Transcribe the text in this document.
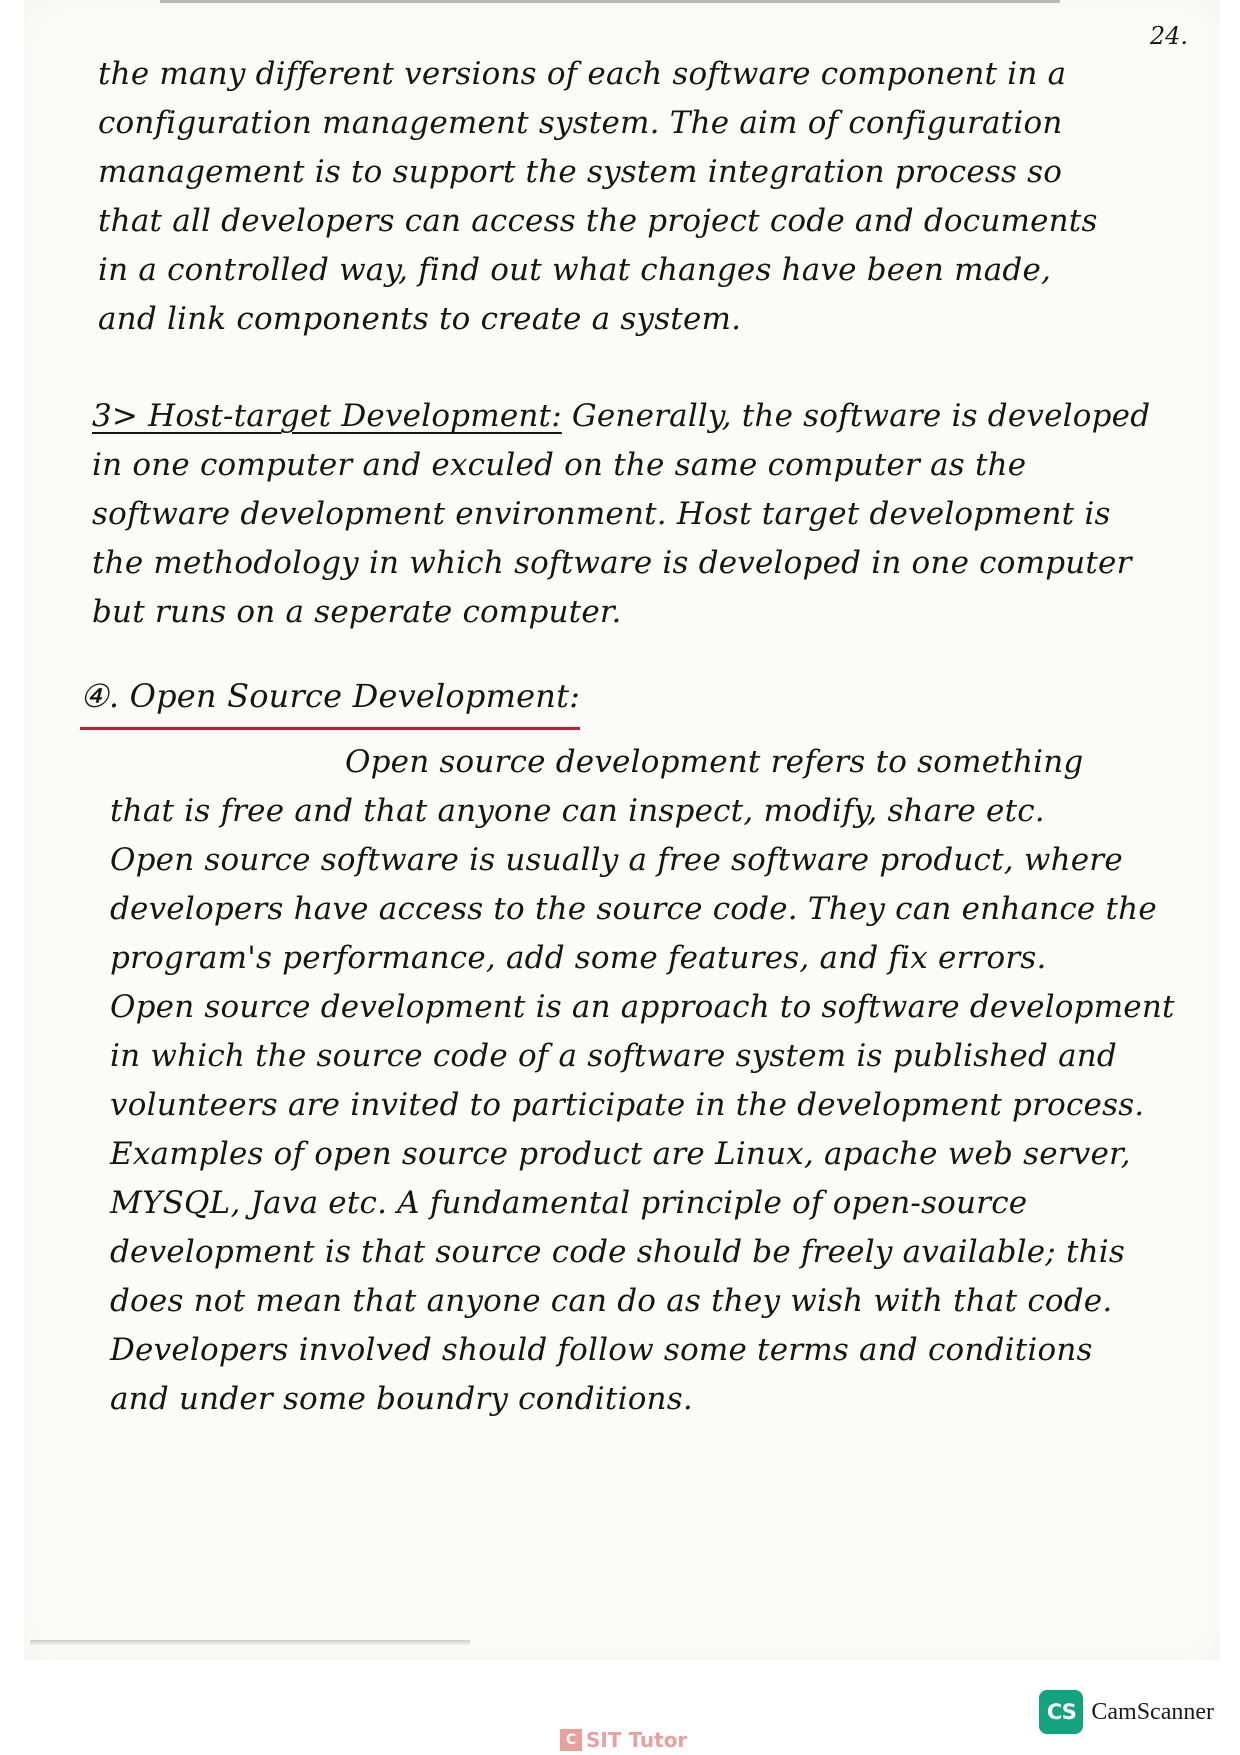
24.

the many different versions of each software component in a
configuration management system. The aim of configuration
management is to support the system integration process so
that all developers can access the project code and documents
in a controlled way, find out what changes have been made,
and link components to create a system.
3> Host-target Development: Generally, the software is developed
in one computer and exculed on the same computer as the
software development environment. Host target development is
the methodology in which software is developed in one computer
but runs on a seperate computer.
④. Open Source Development:
Open source development refers to something
that is free and that anyone can inspect, modify, share etc.
Open source software is usually a free software product, where
developers have access to the source code. They can enhance the
program's performance, add some features, and fix errors.
Open source development is an approach to software development
in which the source code of a software system is published and
volunteers are invited to participate in the development process.
Examples of open source product are Linux, apache web server,
MYSQL, Java etc. A fundamental principle of open-source
development is that source code should be freely available; this
does not mean that anyone can do as they wish with that code.
Developers involved should follow some terms and conditions
and under some boundry conditions.
CS CamScanner
C SIT Tutor
